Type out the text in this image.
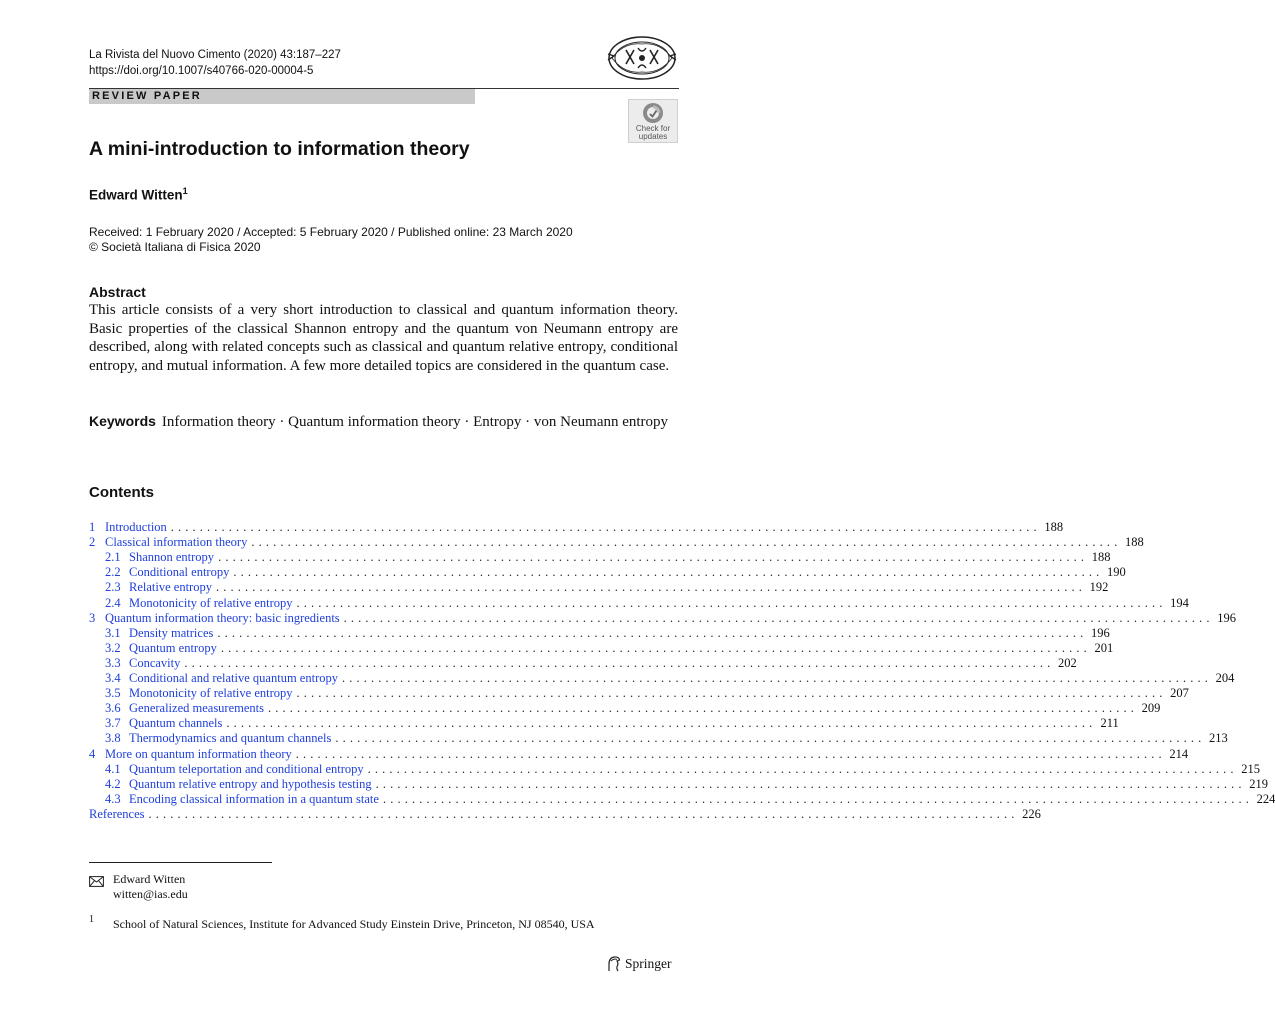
La Rivista del Nuovo Cimento (2020) 43:187–227
https://doi.org/10.1007/s40766-020-00004-5
REVIEW PAPER
Check for
updates
A mini-introduction to information theory
Edward Witten$^1$
Received: 1 February 2020 / Accepted: 5 February 2020 / Published online: 23 March 2020
© Società Italiana di Fisica 2020
Abstract
This article consists of a very short introduction to classical and quantum information theory. Basic properties of the classical Shannon entropy and the quantum von Neumann entropy are described, along with related concepts such as classical and quantum relative entropy, conditional entropy, and mutual information. A few more detailed topics are considered in the quantum case.
Keywords Information theory · Quantum information theory · Entropy · von Neumann entropy
Contents
1 Introduction . . . . . . . . . . . . . . . . . . . . . . . . . . . . . . . . . . . . . . . . . . . . . . . . . . . . . . . . . . . . . . . . . . . . . . . . . . . . . . . . . . . . . . . . . . . . . . . . . . . . . . . . . . . . . . . . . . . . . . . . 188
2 Classical information theory . . . . . . . . . . . . . . . . . . . . . . . . . . . . . . . . . . . . . . . . . . . . . . . . . . . . . . . . . . . . . . . . . . . . . . . . . . . . . . . . . . . . . . . . . . . . . . . . . . . . . . . . . . . . . . . . . . . . . . . . 188
2.1 Shannon entropy . . . . . . . . . . . . . . . . . . . . . . . . . . . . . . . . . . . . . . . . . . . . . . . . . . . . . . . . . . . . . . . . . . . . . . . . . . . . . . . . . . . . . . . . . . . . . . . . . . . . . . . . . . . . . . . . . . . . . . . . 188
2.2 Conditional entropy . . . . . . . . . . . . . . . . . . . . . . . . . . . . . . . . . . . . . . . . . . . . . . . . . . . . . . . . . . . . . . . . . . . . . . . . . . . . . . . . . . . . . . . . . . . . . . . . . . . . . . . . . . . . . . . . . . . . . . . . 190
2.3 Relative entropy . . . . . . . . . . . . . . . . . . . . . . . . . . . . . . . . . . . . . . . . . . . . . . . . . . . . . . . . . . . . . . . . . . . . . . . . . . . . . . . . . . . . . . . . . . . . . . . . . . . . . . . . . . . . . . . . . . . . . . . . 192
2.4 Monotonicity of relative entropy . . . . . . . . . . . . . . . . . . . . . . . . . . . . . . . . . . . . . . . . . . . . . . . . . . . . . . . . . . . . . . . . . . . . . . . . . . . . . . . . . . . . . . . . . . . . . . . . . . . . . . . . . . . . . . . . . . . . . . . . 194
3 Quantum information theory: basic ingredients . . . . . . . . . . . . . . . . . . . . . . . . . . . . . . . . . . . . . . . . . . . . . . . . . . . . . . . . . . . . . . . . . . . . . . . . . . . . . . . . . . . . . . . . . . . . . . . . . . . . . . . . . . . . . . . . . . . . . . . . 196
3.1 Density matrices . . . . . . . . . . . . . . . . . . . . . . . . . . . . . . . . . . . . . . . . . . . . . . . . . . . . . . . . . . . . . . . . . . . . . . . . . . . . . . . . . . . . . . . . . . . . . . . . . . . . . . . . . . . . . . . . . . . . . . . . 196
3.2 Quantum entropy . . . . . . . . . . . . . . . . . . . . . . . . . . . . . . . . . . . . . . . . . . . . . . . . . . . . . . . . . . . . . . . . . . . . . . . . . . . . . . . . . . . . . . . . . . . . . . . . . . . . . . . . . . . . . . . . . . . . . . . . 201
3.3 Concavity . . . . . . . . . . . . . . . . . . . . . . . . . . . . . . . . . . . . . . . . . . . . . . . . . . . . . . . . . . . . . . . . . . . . . . . . . . . . . . . . . . . . . . . . . . . . . . . . . . . . . . . . . . . . . . . . . . . . . . . . 202
3.4 Conditional and relative quantum entropy . . . . . . . . . . . . . . . . . . . . . . . . . . . . . . . . . . . . . . . . . . . . . . . . . . . . . . . . . . . . . . . . . . . . . . . . . . . . . . . . . . . . . . . . . . . . . . . . . . . . . . . . . . . . . . . . . . . . . . . . 204
3.5 Monotonicity of relative entropy . . . . . . . . . . . . . . . . . . . . . . . . . . . . . . . . . . . . . . . . . . . . . . . . . . . . . . . . . . . . . . . . . . . . . . . . . . . . . . . . . . . . . . . . . . . . . . . . . . . . . . . . . . . . . . . . . . . . . . . . 207
3.6 Generalized measurements . . . . . . . . . . . . . . . . . . . . . . . . . . . . . . . . . . . . . . . . . . . . . . . . . . . . . . . . . . . . . . . . . . . . . . . . . . . . . . . . . . . . . . . . . . . . . . . . . . . . . . . . . . . . . . . . . . . . . . . . 209
3.7 Quantum channels . . . . . . . . . . . . . . . . . . . . . . . . . . . . . . . . . . . . . . . . . . . . . . . . . . . . . . . . . . . . . . . . . . . . . . . . . . . . . . . . . . . . . . . . . . . . . . . . . . . . . . . . . . . . . . . . . . . . . . . . 211
3.8 Thermodynamics and quantum channels . . . . . . . . . . . . . . . . . . . . . . . . . . . . . . . . . . . . . . . . . . . . . . . . . . . . . . . . . . . . . . . . . . . . . . . . . . . . . . . . . . . . . . . . . . . . . . . . . . . . . . . . . . . . . . . . . . . . . . . . 213
4 More on quantum information theory . . . . . . . . . . . . . . . . . . . . . . . . . . . . . . . . . . . . . . . . . . . . . . . . . . . . . . . . . . . . . . . . . . . . . . . . . . . . . . . . . . . . . . . . . . . . . . . . . . . . . . . . . . . . . . . . . . . . . . . . 214
4.1 Quantum teleportation and conditional entropy . . . . . . . . . . . . . . . . . . . . . . . . . . . . . . . . . . . . . . . . . . . . . . . . . . . . . . . . . . . . . . . . . . . . . . . . . . . . . . . . . . . . . . . . . . . . . . . . . . . . . . . . . . . . . . . . . . . . . . . . 215
4.2 Quantum relative entropy and hypothesis testing . . . . . . . . . . . . . . . . . . . . . . . . . . . . . . . . . . . . . . . . . . . . . . . . . . . . . . . . . . . . . . . . . . . . . . . . . . . . . . . . . . . . . . . . . . . . . . . . . . . . . . . . . . . . . . . . . . . . . . . . 219
4.3 Encoding classical information in a quantum state . . . . . . . . . . . . . . . . . . . . . . . . . . . . . . . . . . . . . . . . . . . . . . . . . . . . . . . . . . . . . . . . . . . . . . . . . . . . . . . . . . . . . . . . . . . . . . . . . . . . . . . . . . . . . . . . . . . . . . . . 224
References . . . . . . . . . . . . . . . . . . . . . . . . . . . . . . . . . . . . . . . . . . . . . . . . . . . . . . . . . . . . . . . . . . . . . . . . . . . . . . . . . . . . . . . . . . . . . . . . . . . . . . . . . . . . . . . . . . . . . . . . 226
Edward Witten
witten@ias.edu
1 School of Natural Sciences, Institute for Advanced Study Einstein Drive, Princeton, NJ 08540, USA
Springer
